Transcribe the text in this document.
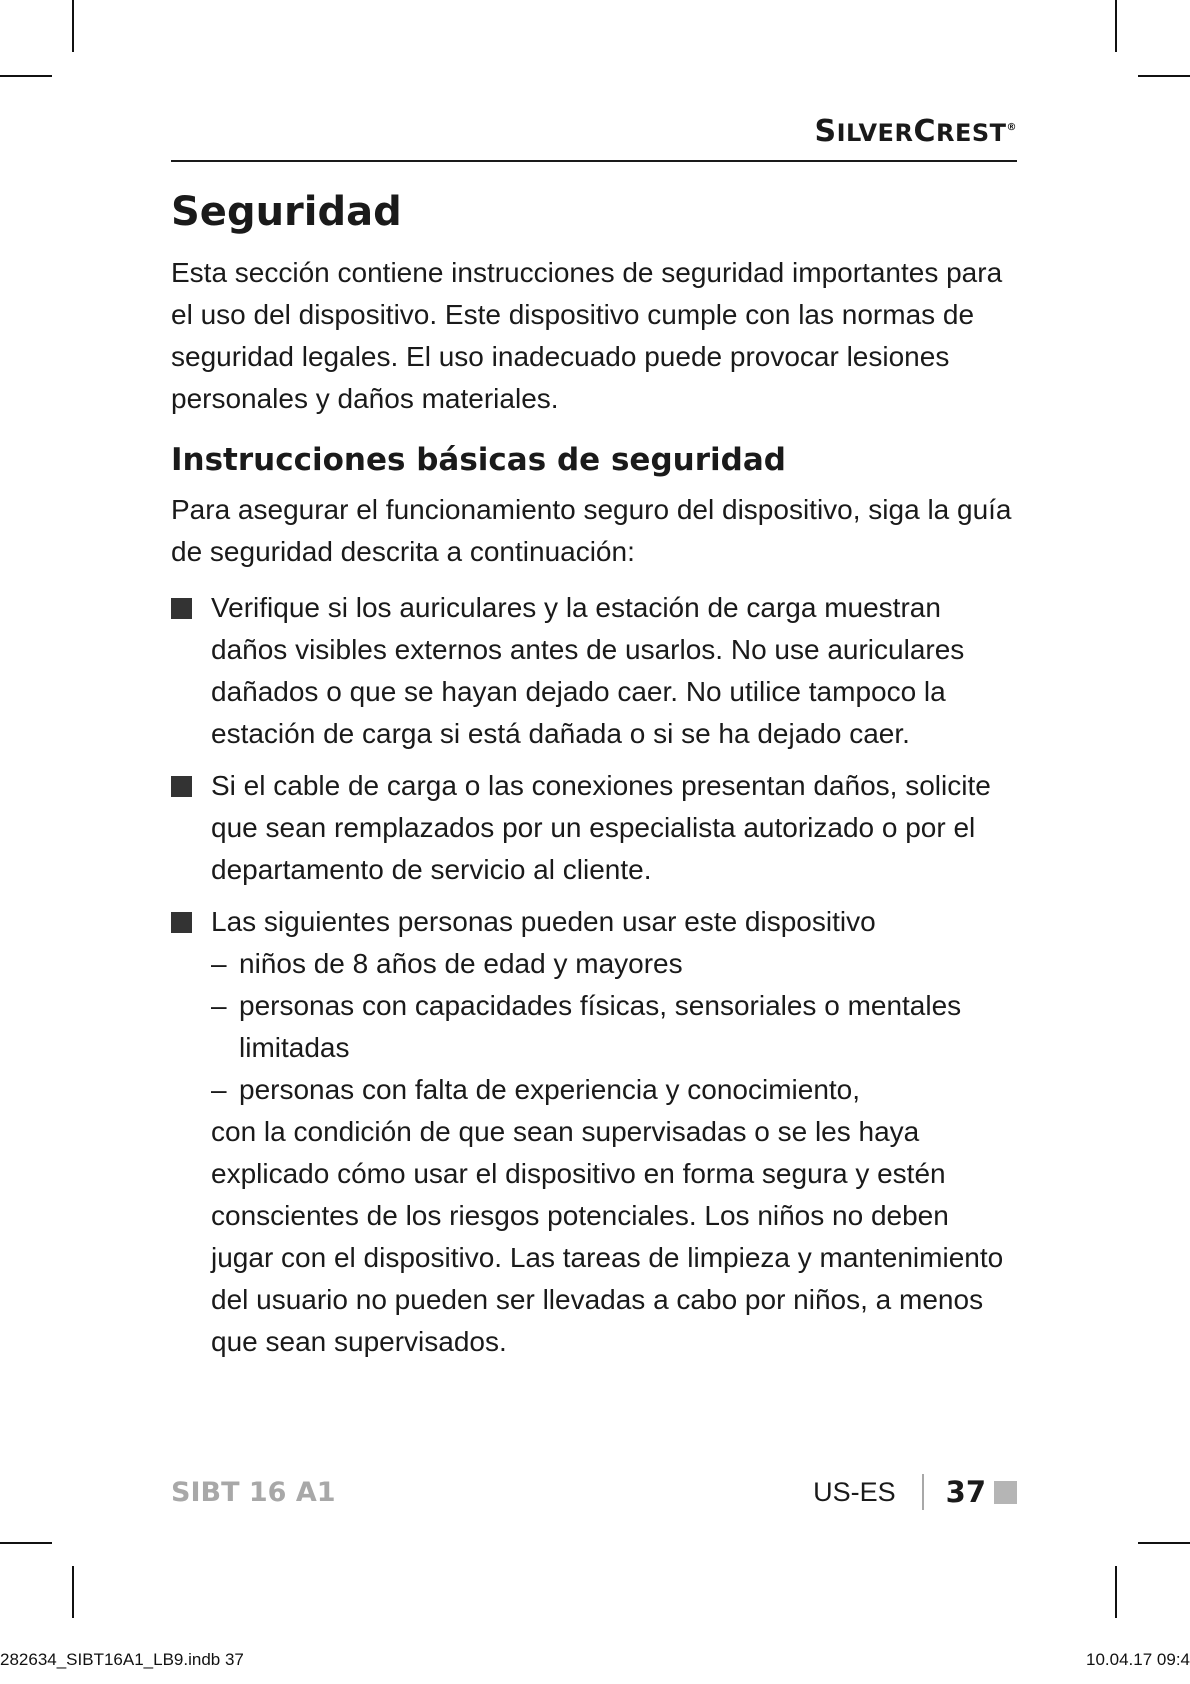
SILVERCREST®
Seguridad

Esta sección contiene instrucciones de seguridad importantes para el uso del dispositivo. Este dispositivo cumple con las normas de seguridad legales. El uso inadecuado puede provocar lesiones personales y daños materiales.

Instrucciones básicas de seguridad

Para asegurar el funcionamiento seguro del dispositivo, siga la guía de seguridad descrita a continuación:

Verifique si los auriculares y la estación de carga muestran daños visibles externos antes de usarlos. No use auriculares dañados o que se hayan dejado caer. No utilice tampoco la estación de carga si está dañada o si se ha dejado caer.
Si el cable de carga o las conexiones presentan daños, solicite que sean remplazados por un especialista autorizado o por el departamento de servicio al cliente.
Las siguientes personas pueden usar este dispositivo
– niños de 8 años de edad y mayores
– personas con capacidades físicas, sensoriales o mentales limitadas
– personas con falta de experiencia y conocimiento,
con la condición de que sean supervisadas o se les haya explicado cómo usar el dispositivo en forma segura y estén conscientes de los riesgos potenciales. Los niños no deben jugar con el dispositivo. Las tareas de limpieza y mantenimiento del usuario no pueden ser llevadas a cabo por niños, a menos que sean supervisados.
SIBT 16 A1	US-ES 37
282634_SIBT16A1_LB9.indb 37	10.04.17 09:4
